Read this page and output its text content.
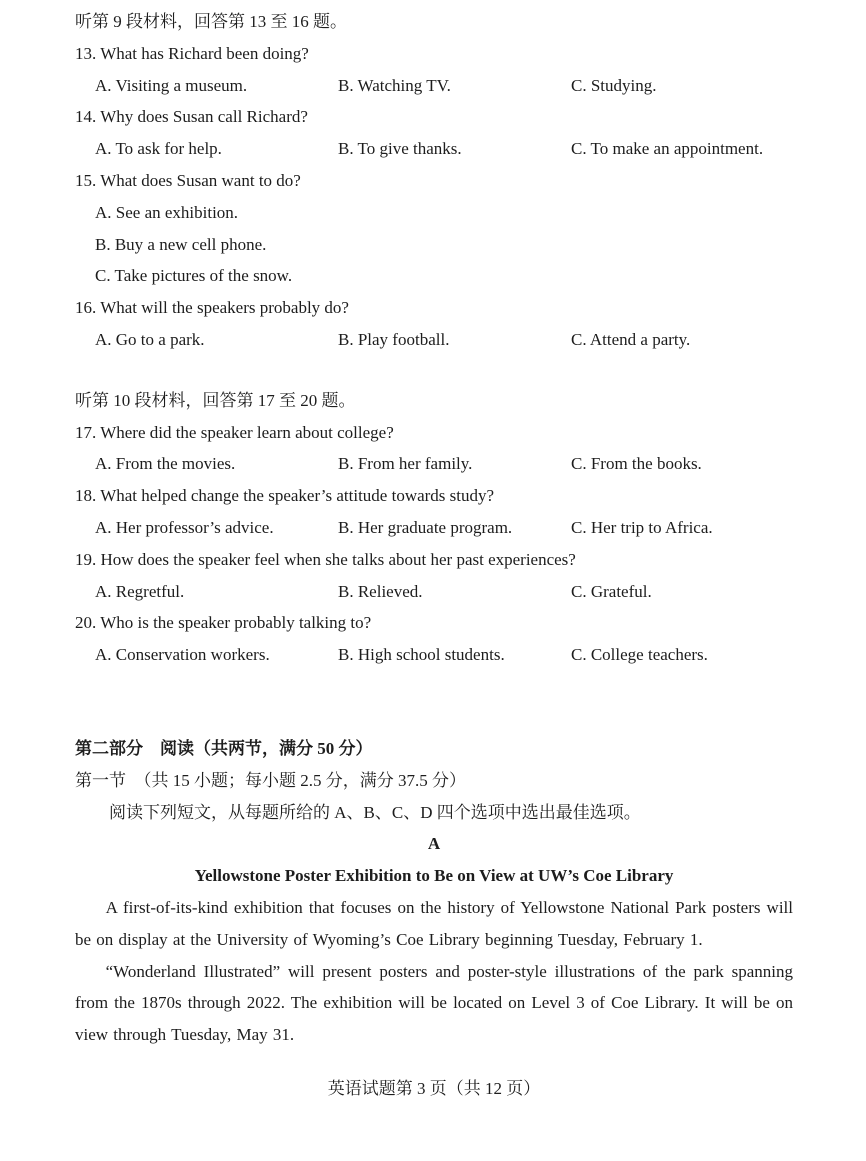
听第 9 段材料，回答第 13 至 16 题。
13. What has Richard been doing?
A. Visiting a museum.	B. Watching TV.	C. Studying.
14. Why does Susan call Richard?
A. To ask for help.	B. To give thanks.	C. To make an appointment.
15. What does Susan want to do?
A. See an exhibition.
B. Buy a new cell phone.
C. Take pictures of the snow.
16. What will the speakers probably do?
A. Go to a park.	B. Play football.	C. Attend a party.
听第 10 段材料，回答第 17 至 20 题。
17. Where did the speaker learn about college?
A. From the movies.	B. From her family.	C. From the books.
18. What helped change the speaker’s attitude towards study?
A. Her professor’s advice.	B. Her graduate program.	C. Her trip to Africa.
19. How does the speaker feel when she talks about her past experiences?
A. Regretful.	B. Relieved.	C. Grateful.
20. Who is the speaker probably talking to?
A. Conservation workers.	B. High school students.	C. College teachers.
第二部分　阅读（共两节，满分 50 分）
第一节　（共 15 小题；每小题 2.5 分，满分 37.5 分）
阅读下列短文，从每题所给的 A、B、C、D 四个选项中选出最佳选项。
A
Yellowstone Poster Exhibition to Be on View at UW’s Coe Library
A first-of-its-kind exhibition that focuses on the history of Yellowstone National Park posters will be on display at the University of Wyoming’s Coe Library beginning Tuesday, February 1.
“Wonderland Illustrated” will present posters and poster-style illustrations of the park spanning from the 1870s through 2022. The exhibition will be located on Level 3 of Coe Library. It will be on view through Tuesday, May 31.
英语试题第 3 页（共 12 页）
